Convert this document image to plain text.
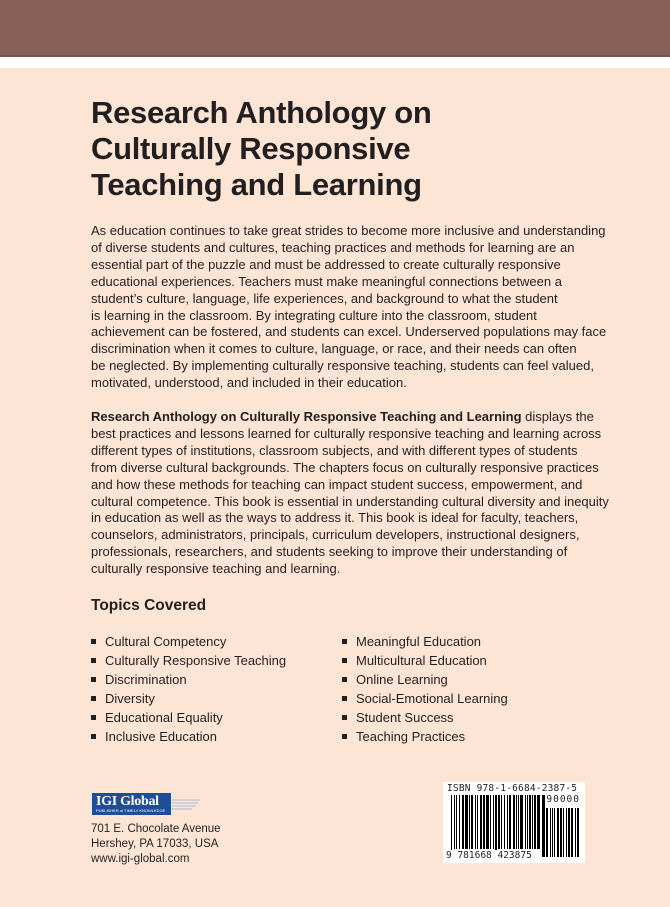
Research Anthology on
Culturally Responsive
Teaching and Learning
As education continues to take great strides to become more inclusive and understanding
of diverse students and cultures, teaching practices and methods for learning are an
essential part of the puzzle and must be addressed to create culturally responsive
educational experiences. Teachers must make meaningful connections between a
student’s culture, language, life experiences, and background to what the student
is learning in the classroom. By integrating culture into the classroom, student
achievement can be fostered, and students can excel. Underserved populations may face
discrimination when it comes to culture, language, or race, and their needs can often
be neglected. By implementing culturally responsive teaching, students can feel valued,
motivated, understood, and included in their education.
Research Anthology on Culturally Responsive Teaching and Learning displays the
best practices and lessons learned for culturally responsive teaching and learning across
different types of institutions, classroom subjects, and with different types of students
from diverse cultural backgrounds. The chapters focus on culturally responsive practices
and how these methods for teaching can impact student success, empowerment, and
cultural competence. This book is essential in understanding cultural diversity and inequity
in education as well as the ways to address it. This book is ideal for faculty, teachers,
counselors, administrators, principals, curriculum developers, instructional designers,
professionals, researchers, and students seeking to improve their understanding of
culturally responsive teaching and learning.
Topics Covered
Cultural Competency
Culturally Responsive Teaching
Discrimination
Diversity
Educational Equality
Inclusive Education
Meaningful Education
Multicultural Education
Online Learning
Social-Emotional Learning
Student Success
Teaching Practices
IGI Global
PUBLISHER of TIMELY KNOWLEDGE
701 E. Chocolate Avenue
Hershey, PA 17033, USA
www.igi-global.com
ISBN 978-1-6684-2387-5
90000
9 781668 423875
